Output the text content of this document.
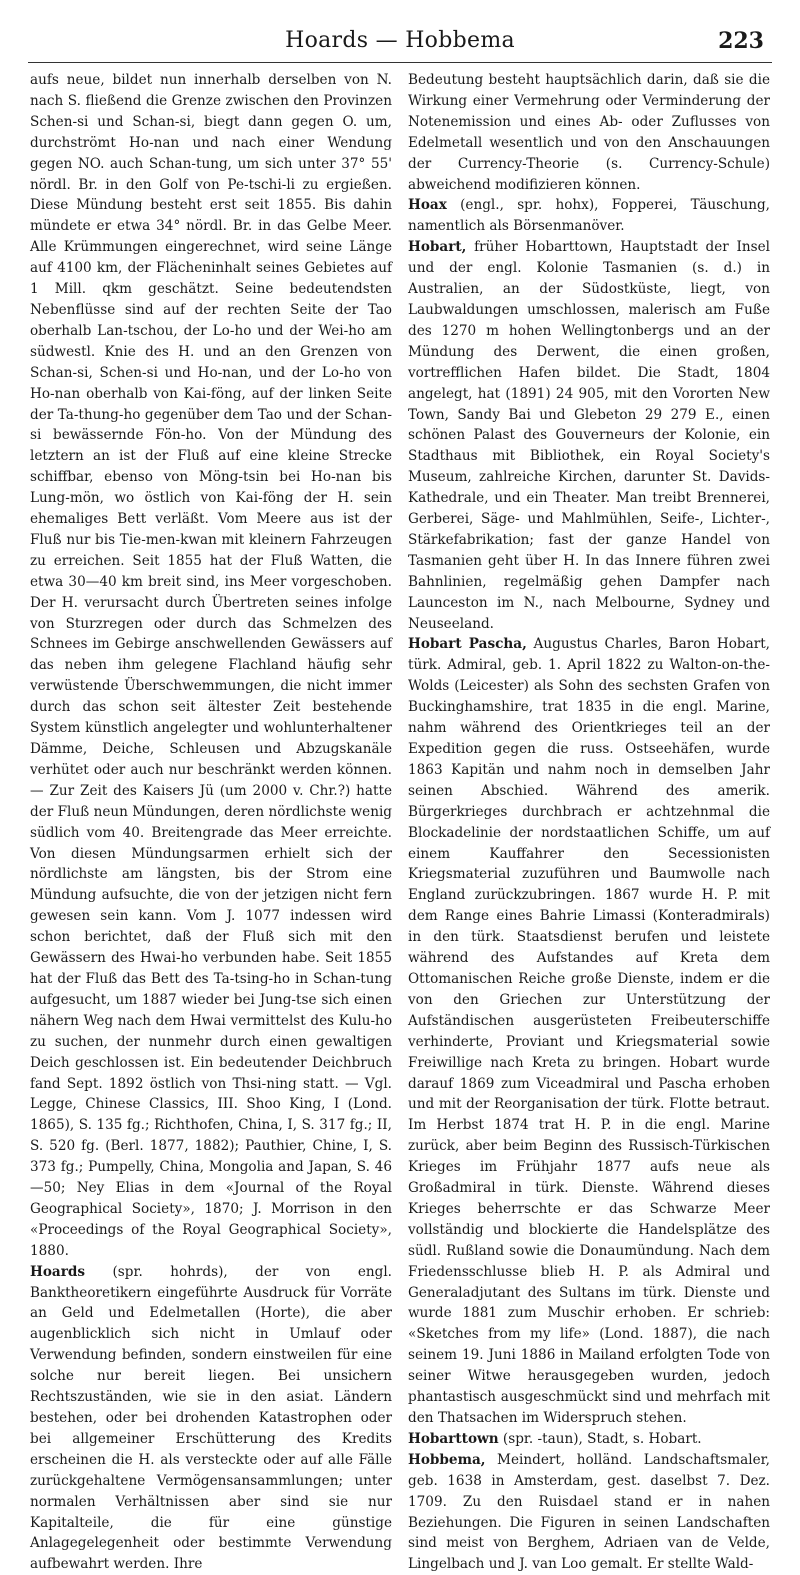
Hoards — Hobbema	223

aufs neue, bildet nun innerhalb derselben von N. nach S. fließend die Grenze zwischen den Provinzen Schen-si und Schan-si, biegt dann gegen O. um, durchströmt Ho-nan und nach einer Wendung gegen NO. auch Schan-tung, um sich unter 37° 55' nördl. Br. in den Golf von Pe-tschi-li zu ergießen. Diese Mündung besteht erst seit 1855. Bis dahin mündete er etwa 34° nördl. Br. in das Gelbe Meer. Alle Krümmungen eingerechnet, wird seine Länge auf 4100 km, der Flächeninhalt seines Gebietes auf 1 Mill. qkm geschätzt. Seine bedeutendsten Nebenflüsse sind auf der rechten Seite der Tao oberhalb Lan-tschou, der Lo-ho und der Wei-ho am südwestl. Knie des H. und an den Grenzen von Schan-si, Schen-si und Ho-nan, und der Lo-ho von Ho-nan oberhalb von Kai-föng, auf der linken Seite der Ta-thung-ho gegenüber dem Tao und der Schan-si bewässernde Fön-ho. Von der Mündung des letztern an ist der Fluß auf eine kleine Strecke schiffbar, ebenso von Möng-tsin bei Ho-nan bis Lung-mön, wo östlich von Kai-föng der H. sein ehemaliges Bett verläßt. Vom Meere aus ist der Fluß nur bis Tie-men-kwan mit kleinern Fahrzeugen zu erreichen. Seit 1855 hat der Fluß Watten, die etwa 30—40 km breit sind, ins Meer vorgeschoben. Der H. verursacht durch Übertreten seines infolge von Sturzregen oder durch das Schmelzen des Schnees im Gebirge anschwellenden Gewässers auf das neben ihm gelegene Flachland häufig sehr verwüstende Überschwemmungen, die nicht immer durch das schon seit ältester Zeit bestehende System künstlich angelegter und wohlunterhaltener Dämme, Deiche, Schleusen und Abzugskanäle verhütet oder auch nur beschränkt werden können. — Zur Zeit des Kaisers Jü (um 2000 v. Chr.?) hatte der Fluß neun Mündungen, deren nördlichste wenig südlich vom 40. Breitengrade das Meer erreichte. Von diesen Mündungsarmen erhielt sich der nördlichste am längsten, bis der Strom eine Mündung aufsuchte, die von der jetzigen nicht fern gewesen sein kann. Vom J. 1077 indessen wird schon berichtet, daß der Fluß sich mit den Gewässern des Hwai-ho verbunden habe. Seit 1855 hat der Fluß das Bett des Ta-tsing-ho in Schan-tung aufgesucht, um 1887 wieder bei Jung-tse sich einen nähern Weg nach dem Hwai vermittelst des Kulu-ho zu suchen, der nunmehr durch einen gewaltigen Deich geschlossen ist. Ein bedeutender Deichbruch fand Sept. 1892 östlich von Thsi-ning statt. — Vgl. Legge, Chinese Classics, III. Shoo King, I (Lond. 1865), S. 135 fg.; Richthofen, China, I, S. 317 fg.; II, S. 520 fg. (Berl. 1877, 1882); Pauthier, Chine, I, S. 373 fg.; Pumpelly, China, Mongolia and Japan, S. 46—50; Ney Elias in dem «Journal of the Royal Geographical Society», 1870; J. Morrison in den «Proceedings of the Royal Geographical Society», 1880.

Hoards (spr. hohrds), der von engl. Banktheoretikern eingeführte Ausdruck für Vorräte an Geld und Edelmetallen (Horte), die aber augenblicklich sich nicht in Umlauf oder Verwendung befinden, sondern einstweilen für eine solche nur bereit liegen. Bei unsichern Rechtszuständen, wie sie in den asiat. Ländern bestehen, oder bei drohenden Katastrophen oder bei allgemeiner Erschütterung des Kredits erscheinen die H. als versteckte oder auf alle Fälle zurückgehaltene Vermögensansammlungen; unter normalen Verhältnissen aber sind sie nur Kapitalteile, die für eine günstige Anlagegelegenheit oder bestimmte Verwendung aufbewahrt werden. Ihre

Bedeutung besteht hauptsächlich darin, daß sie die Wirkung einer Vermehrung oder Verminderung der Notenemission und eines Ab- oder Zuflusses von Edelmetall wesentlich und von den Anschauungen der Currency-Theorie (s. Currency-Schule) abweichend modifizieren können.

Hoax (engl., spr. hohx), Fopperei, Täuschung, namentlich als Börsenmanöver.

Hobart, früher Hobarttown, Hauptstadt der Insel und der engl. Kolonie Tasmanien (s. d.) in Australien, an der Südostküste, liegt, von Laubwaldungen umschlossen, malerisch am Fuße des 1270 m hohen Wellingtonbergs und an der Mündung des Derwent, die einen großen, vortrefflichen Hafen bildet. Die Stadt, 1804 angelegt, hat (1891) 24 905, mit den Vororten New Town, Sandy Bai und Glebeton 29 279 E., einen schönen Palast des Gouverneurs der Kolonie, ein Stadthaus mit Bibliothek, ein Royal Society's Museum, zahlreiche Kirchen, darunter St. Davids-Kathedrale, und ein Theater. Man treibt Brennerei, Gerberei, Säge- und Mahlmühlen, Seife-, Lichter-, Stärkefabrikation; fast der ganze Handel von Tasmanien geht über H. In das Innere führen zwei Bahnlinien, regelmäßig gehen Dampfer nach Launceston im N., nach Melbourne, Sydney und Neuseeland.

Hobart Pascha, Augustus Charles, Baron Hobart, türk. Admiral, geb. 1. April 1822 zu Walton-on-the-Wolds (Leicester) als Sohn des sechsten Grafen von Buckinghamshire, trat 1835 in die engl. Marine, nahm während des Orientkrieges teil an der Expedition gegen die russ. Ostseehäfen, wurde 1863 Kapitän und nahm noch in demselben Jahr seinen Abschied. Während des amerik. Bürgerkrieges durchbrach er achtzehnmal die Blockadelinie der nordstaatlichen Schiffe, um auf einem Kauffahrer den Secessionisten Kriegsmaterial zuzuführen und Baumwolle nach England zurückzubringen. 1867 wurde H. P. mit dem Range eines Bahrie Limassi (Konteradmirals) in den türk. Staatsdienst berufen und leistete während des Aufstandes auf Kreta dem Ottomanischen Reiche große Dienste, indem er die von den Griechen zur Unterstützung der Aufständischen ausgerüsteten Freibeuterschiffe verhinderte, Proviant und Kriegsmaterial sowie Freiwillige nach Kreta zu bringen. Hobart wurde darauf 1869 zum Viceadmiral und Pascha erhoben und mit der Reorganisation der türk. Flotte betraut. Im Herbst 1874 trat H. P. in die engl. Marine zurück, aber beim Beginn des Russisch-Türkischen Krieges im Frühjahr 1877 aufs neue als Großadmiral in türk. Dienste. Während dieses Krieges beherrschte er das Schwarze Meer vollständig und blockierte die Handelsplätze des südl. Rußland sowie die Donaumündung. Nach dem Friedensschlusse blieb H. P. als Admiral und Generaladjutant des Sultans im türk. Dienste und wurde 1881 zum Muschir erhoben. Er schrieb: «Sketches from my life» (Lond. 1887), die nach seinem 19. Juni 1886 in Mailand erfolgten Tode von seiner Witwe herausgegeben wurden, jedoch phantastisch ausgeschmückt sind und mehrfach mit den Thatsachen im Widerspruch stehen.

Hobarttown (spr. -taun), Stadt, s. Hobart.

Hobbema, Meindert, holländ. Landschaftsmaler, geb. 1638 in Amsterdam, gest. daselbst 7. Dez. 1709. Zu den Ruisdael stand er in nahen Beziehungen. Die Figuren in seinen Landschaften sind meist von Berghem, Adriaen van de Velde, Lingelbach und J. van Loo gemalt. Er stellte Wald-
